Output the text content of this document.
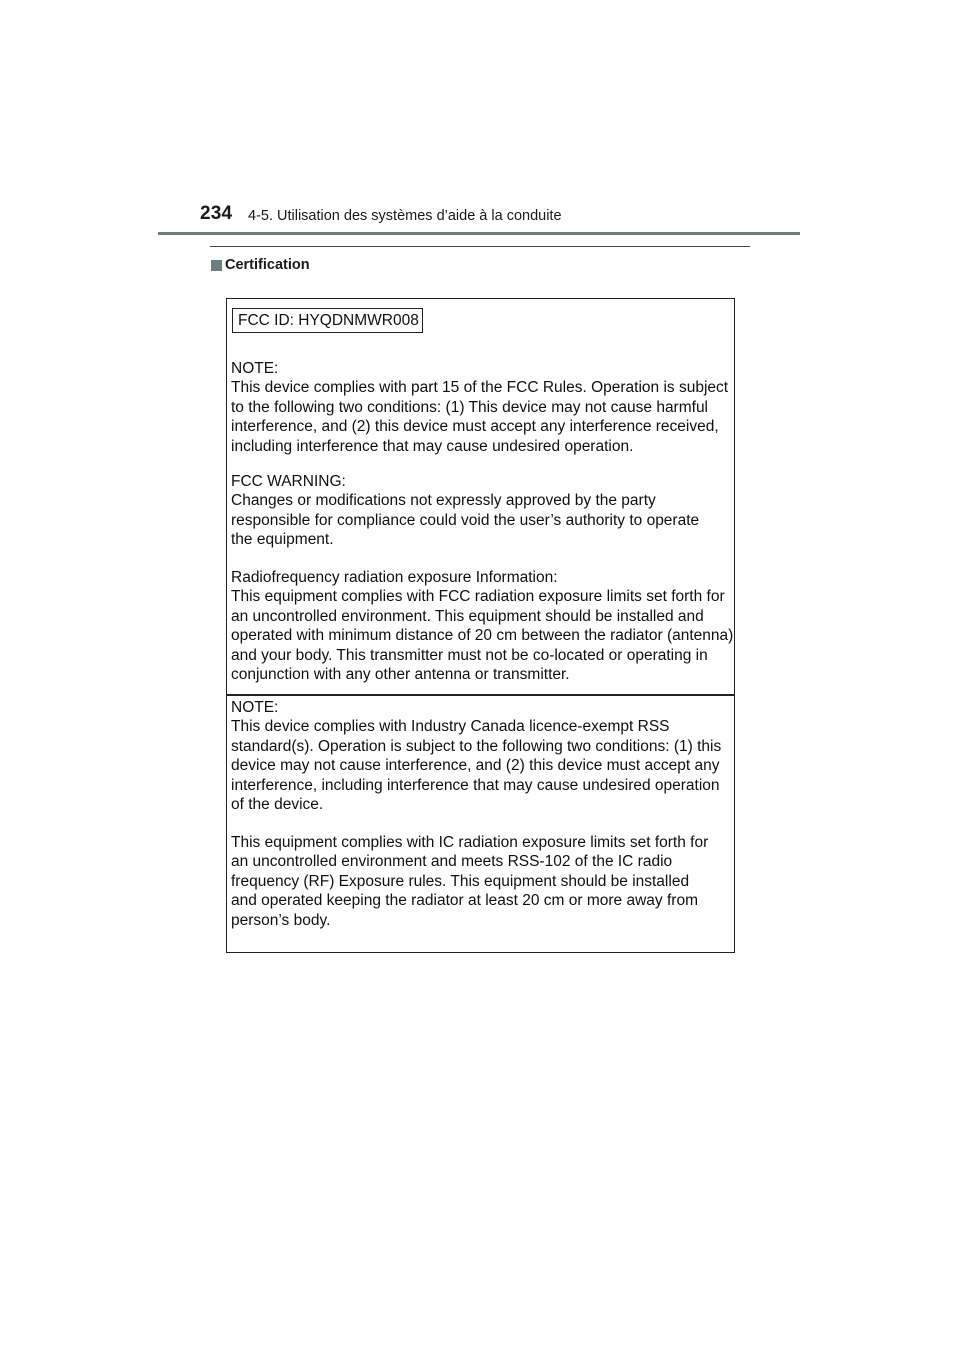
234 4-5. Utilisation des systèmes d’aide à la conduite
Certification
FCC ID: HYQDNMWR008

NOTE:

This device complies with part 15 of the FCC Rules. Operation is subject

to the following two conditions: (1) This device may not cause harmful

interference, and (2) this device must accept any interference received,

including interference that may cause undesired operation.

FCC WARNING:

Changes or modifications not expressly approved by the party

responsible for compliance could void the user’s authority to operate

the equipment.

Radiofrequency radiation exposure Information:

This equipment complies with FCC radiation exposure limits set forth for

an uncontrolled environment. This equipment should be installed and

operated with minimum distance of 20 cm between the radiator (antenna)

and your body. This transmitter must not be co-located or operating in

conjunction with any other antenna or transmitter.

NOTE:

This device complies with Industry Canada licence-exempt RSS

standard(s). Operation is subject to the following two conditions: (1) this

device may not cause interference, and (2) this device must accept any

interference, including interference that may cause undesired operation

of the device.

This equipment complies with IC radiation exposure limits set forth for

an uncontrolled environment and meets RSS-102 of the IC radio

frequency (RF) Exposure rules. This equipment should be installed

and operated keeping the radiator at least 20 cm or more away from

person’s body.
